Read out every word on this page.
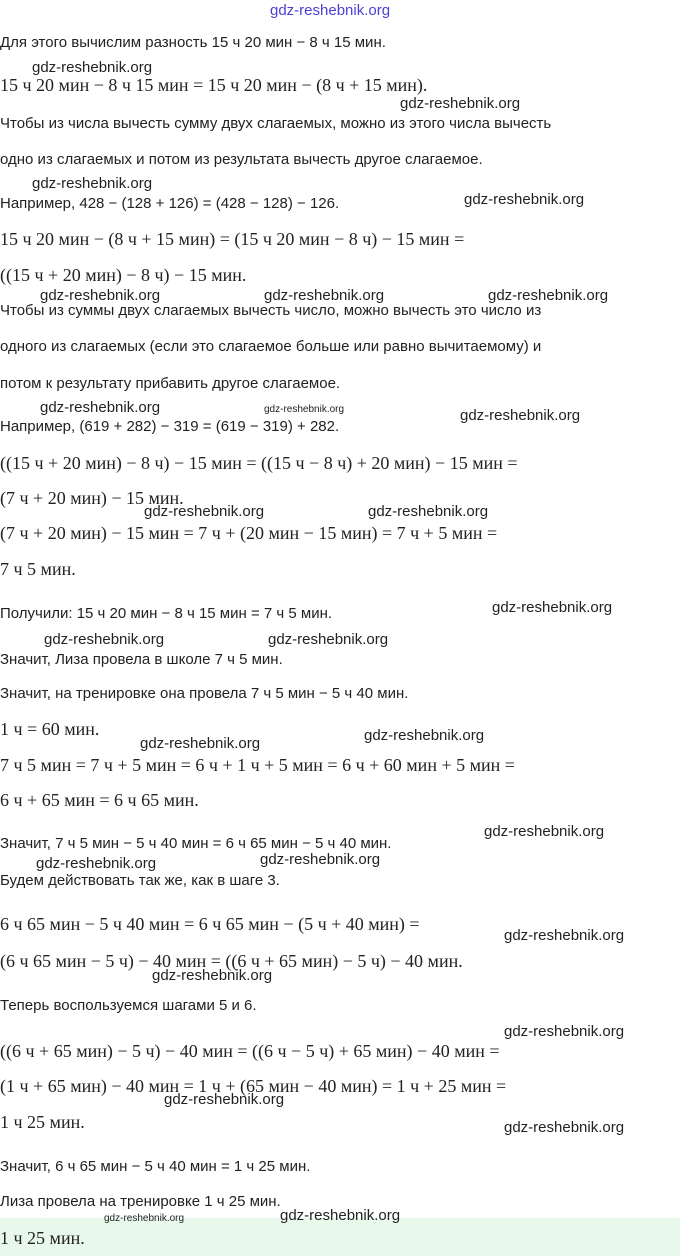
gdz-reshebnik.org
Для этого вычислим разность 15 ч 20 мин − 8 ч 15 мин.
15 ч 20 мин − 8 ч 15 мин = 15 ч 20 мин − (8 ч + 15 мин).
Чтобы из числа вычесть сумму двух слагаемых, можно из этого числа вычесть
одно из слагаемых и потом из результата вычесть другое слагаемое.
Например, 428 − (128 + 126) = (428 − 128) − 126.
15 ч 20 мин − (8 ч + 15 мин) = (15 ч 20 мин − 8 ч) − 15 мин =
((15 ч + 20 мин) − 8 ч) − 15 мин.
Чтобы из суммы двух слагаемых вычесть число, можно вычесть это число из
одного из слагаемых (если это слагаемое больше или равно вычитаемому) и
потом к результату прибавить другое слагаемое.
Например, (619 + 282) − 319 = (619 − 319) + 282.
((15 ч + 20 мин) − 8 ч) − 15 мин = ((15 ч − 8 ч) + 20 мин) − 15 мин =
(7 ч + 20 мин) − 15 мин.
(7 ч + 20 мин) − 15 мин = 7 ч + (20 мин − 15 мин) = 7 ч + 5 мин =
7 ч 5 мин.
Получили: 15 ч 20 мин − 8 ч 15 мин = 7 ч 5 мин.
Значит, Лиза провела в школе 7 ч 5 мин.
Значит, на тренировке она провела 7 ч 5 мин − 5 ч 40 мин.
1 ч = 60 мин.
7 ч 5 мин = 7 ч + 5 мин = 6 ч + 1 ч + 5 мин = 6 ч + 60 мин + 5 мин =
6 ч + 65 мин = 6 ч 65 мин.
Значит, 7 ч 5 мин − 5 ч 40 мин = 6 ч 65 мин − 5 ч 40 мин.
Будем действовать так же, как в шаге 3.
6 ч 65 мин − 5 ч 40 мин = 6 ч 65 мин − (5 ч + 40 мин) =
(6 ч 65 мин − 5 ч) − 40 мин = ((6 ч + 65 мин) − 5 ч) − 40 мин.
Теперь воспользуемся шагами 5 и 6.
((6 ч + 65 мин) − 5 ч) − 40 мин = ((6 ч − 5 ч) + 65 мин) − 40 мин =
(1 ч + 65 мин) − 40 мин = 1 ч + (65 мин − 40 мин) = 1 ч + 25 мин =
1 ч 25 мин.
Значит, 6 ч 65 мин − 5 ч 40 мин = 1 ч 25 мин.
Лиза провела на тренировке 1 ч 25 мин.
1 ч 25 мин.
gdz-reshebnik.org
gdz-reshebnik.org
gdz-reshebnik.org
gdz-reshebnik.org
gdz-reshebnik.org	gdz-reshebnik.org	gdz-reshebnik.org
gdz-reshebnik.org	gdz-reshebnik.org	gdz-reshebnik.org
gdz-reshebnik.org	gdz-reshebnik.org
gdz-reshebnik.org
gdz-reshebnik.org	gdz-reshebnik.org
gdz-reshebnik.org
gdz-reshebnik.org
gdz-reshebnik.org
gdz-reshebnik.org	gdz-reshebnik.org
gdz-reshebnik.org
gdz-reshebnik.org
gdz-reshebnik.org
gdz-reshebnik.org
gdz-reshebnik.org
gdz-reshebnik.org	gdz-reshebnik.org
